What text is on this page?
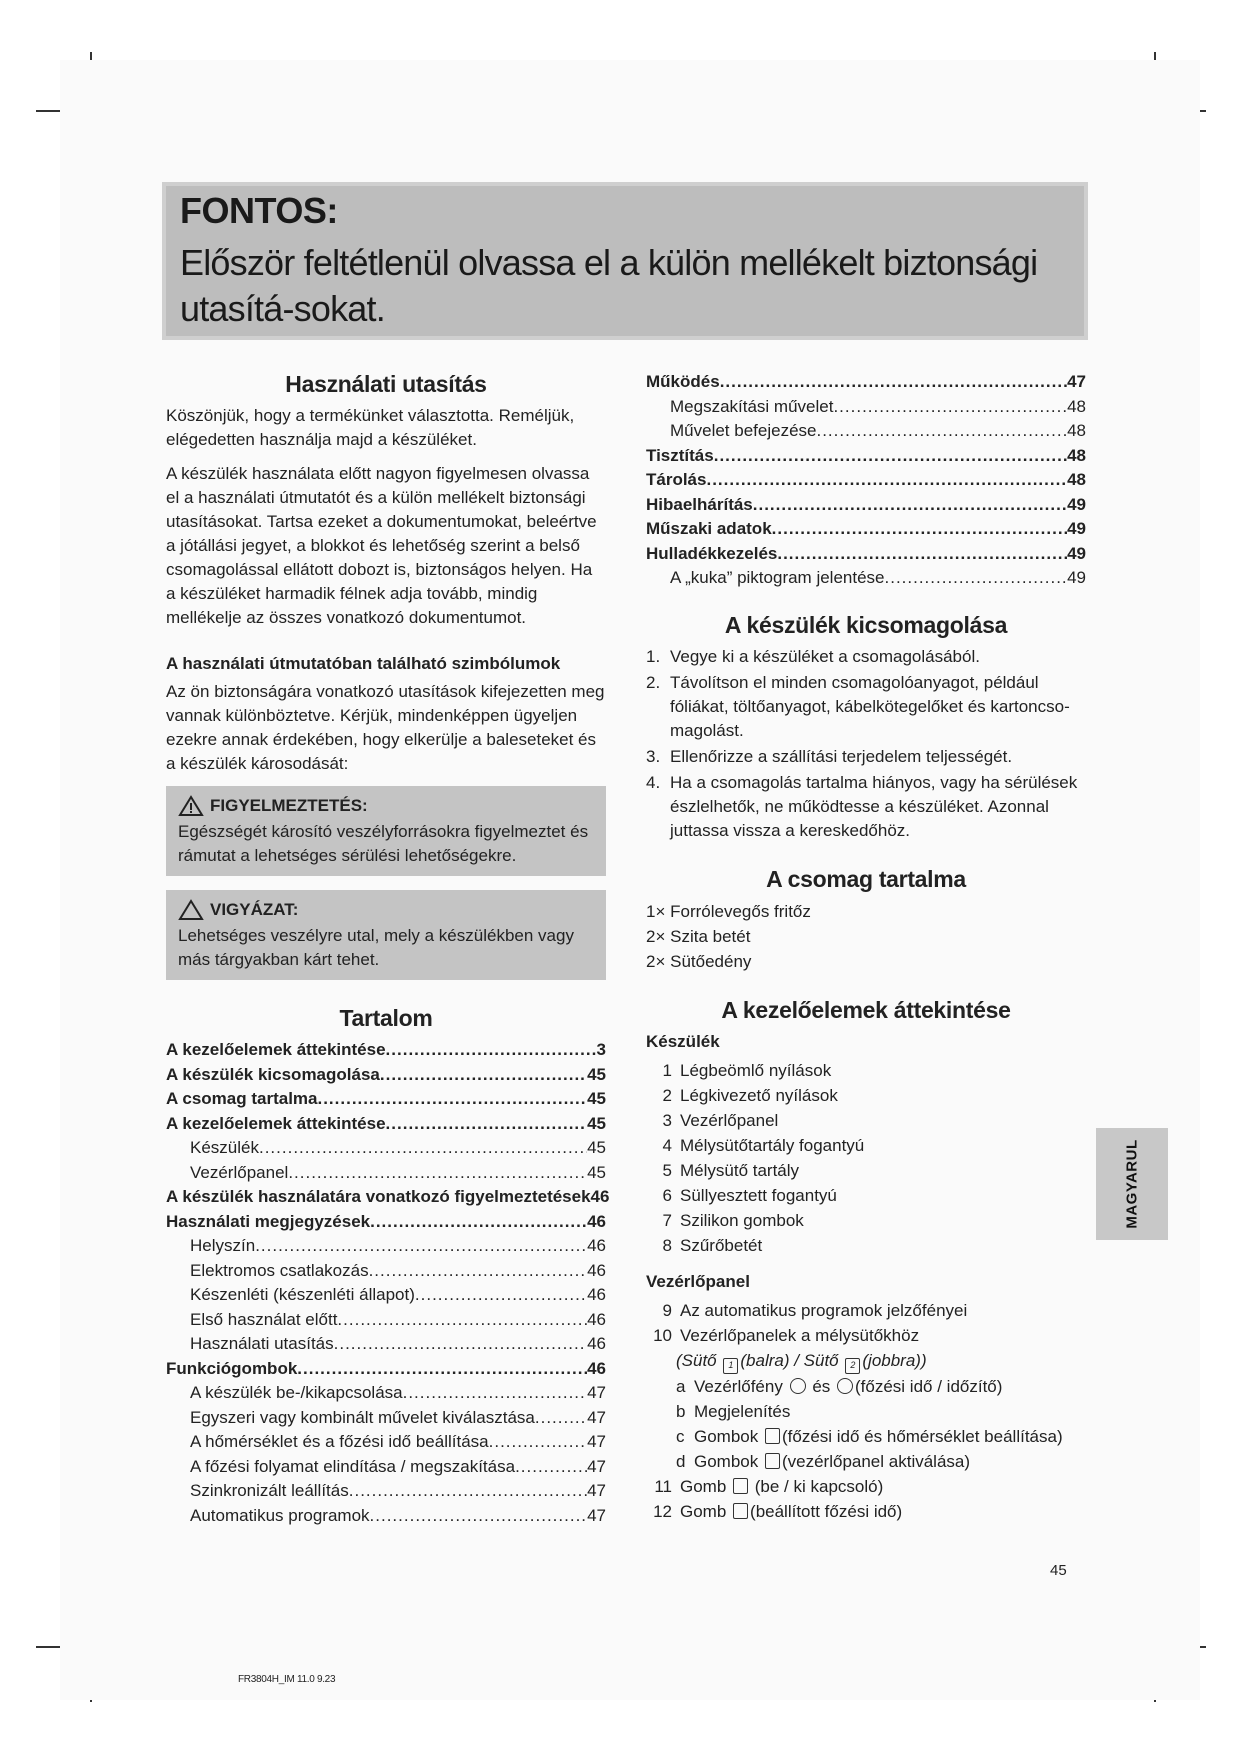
FONTOS:

Először feltétlenül olvassa el a külön mellékelt biztonsági utasítá-sokat.

Használati utasítás

Köszönjük, hogy a termékünket választotta. Reméljük, elégedetten használja majd a készüléket.

A készülék használata előtt nagyon figyelmesen olvassa el a használati útmutatót és a külön mellékelt biztonsági utasításokat. Tartsa ezeket a dokumentumokat, beleértve a jótállási jegyet, a blokkot és lehetőség szerint a belső csomagolással ellátott dobozt is, biztonságos helyen. Ha a készüléket harmadik félnek adja tovább, mindig mellékelje az összes vonatkozó dokumentumot.

A használati útmutatóban található szimbólumok

Az ön biztonságára vonatkozó utasítások kifejezetten meg vannak különböztetve. Kérjük, mindenképpen ügyeljen ezekre annak érdekében, hogy elkerülje a baleseteket és a készülék károsodását:

FIGYELMEZTETÉS:
Egészségét károsító veszélyforrásokra figyelmeztet és rámutat a lehetséges sérülési lehetőségekre.
VIGYÁZAT:
Lehetséges veszélyre utal, mely a készülékben vagy más tárgyakban kárt tehet.
Tartalom
A kezelőelemek áttekintése .....	3
A készülék kicsomagolása .....	45
A csomag tartalma .....	45
A kezelőelemek áttekintése .....	45
Készülék .....	45
Vezérlőpanel .....	45
A készülék használatára vonatkozó figyelmeztetések 46
Használati megjegyzések .....	46
Helyszín .....	46
Elektromos csatlakozás .....	46
Készenléti (készenléti állapot) .....	46
Első használat előtt .....	46
Használati utasítás .....	46
Funkciógombok .....	46
A készülék be-/kikapcsolása .....	47
Egyszeri vagy kombinált művelet kiválasztása .....	47
A hőmérséklet és a főzési idő beállítása .....	47
A főzési folyamat elindítása / megszakítása .....	47
Szinkronizált leállítás .....	47
Automatikus programok .....	47
Működés .....	47
Megszakítási művelet .....	48
Művelet befejezése .....	48
Tisztítás .....	48
Tárolás .....	48
Hibaelhárítás .....	49
Műszaki adatok .....	49
Hulladékkezelés .....	49
A „kuka” piktogram jelentése .....	49
A készülék kicsomagolása
1. Vegye ki a készüléket a csomagolásából.
2. Távolítson el minden csomagolóanyagot, például fóliákat, töltőanyagot, kábelkötegelőket és kartoncso-magolást.
3. Ellenőrizze a szállítási terjedelem teljességét.
4. Ha a csomagolás tartalma hiányos, vagy ha sérülések észlelhetők, ne működtesse a készüléket. Azonnal juttassa vissza a kereskedőhöz.
A csomag tartalma
1× Forrólevegős fritőz
2× Szita betét
2× Sütőedény
A kezelőelemek áttekintése
Készülék
1 Légbeömlő nyílások
2 Légkivezető nyílások
3 Vezérlőpanel
4 Mélysütőtartály fogantyú
5 Mélysütő tartály
6 Süllyesztett fogantyú
7 Szilikon gombok
8 Szűrőbetét
Vezérlőpanel
9 Az automatikus programok jelzőfényei
10 Vezérlőpanelek a mélysütőkhöz
(Sütő 1 (balra) / Sütő 2 (jobbra))
a Vezérlőfény és (főzési idő / időzítő)
b Megjelenítés
c Gombok (főzési idő és hőmérséklet beállítása)
d Gombok (vezérlőpanel aktiválása)
11 Gomb (be / ki kapcsoló)
12 Gomb (beállított főzési idő)
MAGYARUL
45
FR3804H_IM 11.0 9.23
